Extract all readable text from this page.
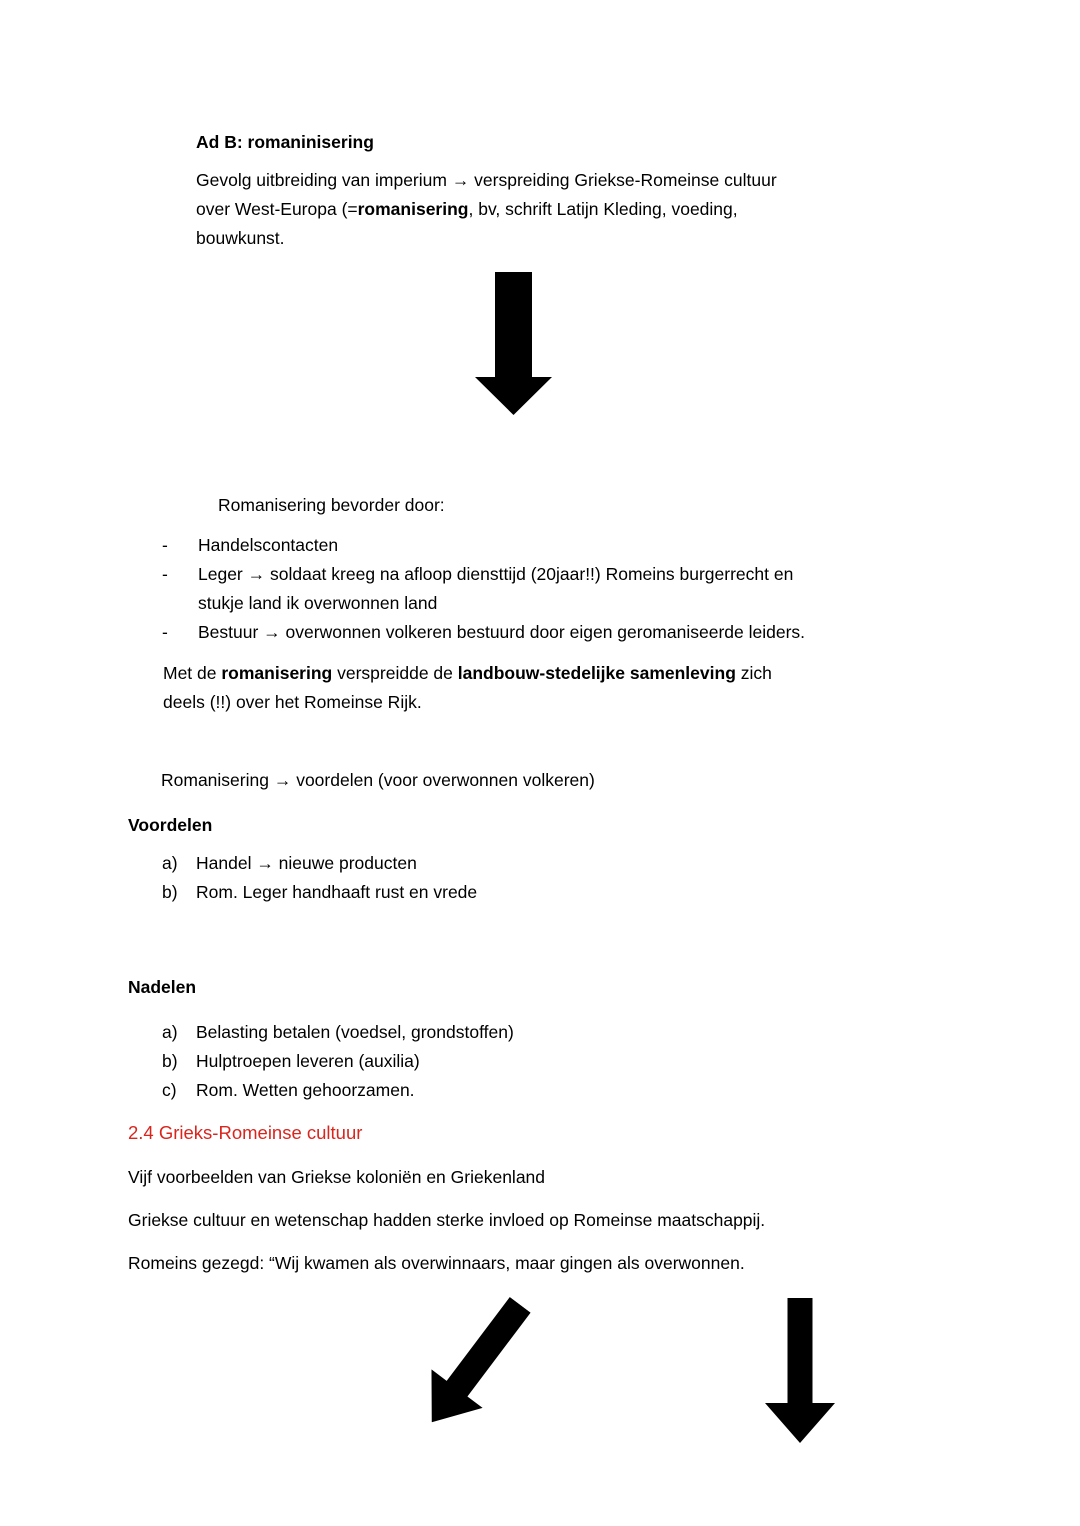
Ad B: romaninisering
Gevolg uitbreiding van imperium → verspreiding Griekse-Romeinse cultuur
over West-Europa (=romanisering, bv, schrift Latijn Kleding, voeding,
bouwkunst.
Romanisering bevorder door:
-	Handelscontacten
-	Leger → soldaat kreeg na afloop diensttijd (20jaar!!) Romeins burgerrecht en
stukje land ik overwonnen land
-	Bestuur → overwonnen volkeren bestuurd door eigen geromaniseerde leiders.
Met de romanisering verspreidde de landbouw-stedelijke samenleving zich
deels (!!) over het Romeinse Rijk.
Romanisering → voordelen (voor overwonnen volkeren)
Voordelen
a)	Handel → nieuwe producten
b)	Rom. Leger handhaaft rust en vrede
Nadelen
a)	Belasting betalen (voedsel, grondstoffen)
b)	Hulptroepen leveren (auxilia)
c)	Rom. Wetten gehoorzamen.
2.4 Grieks-Romeinse cultuur
Vijf voorbeelden van Griekse koloniën en Griekenland
Griekse cultuur en wetenschap hadden sterke invloed op Romeinse maatschappij.
Romeins gezegd: “Wij kwamen als overwinnaars, maar gingen als overwonnen.
